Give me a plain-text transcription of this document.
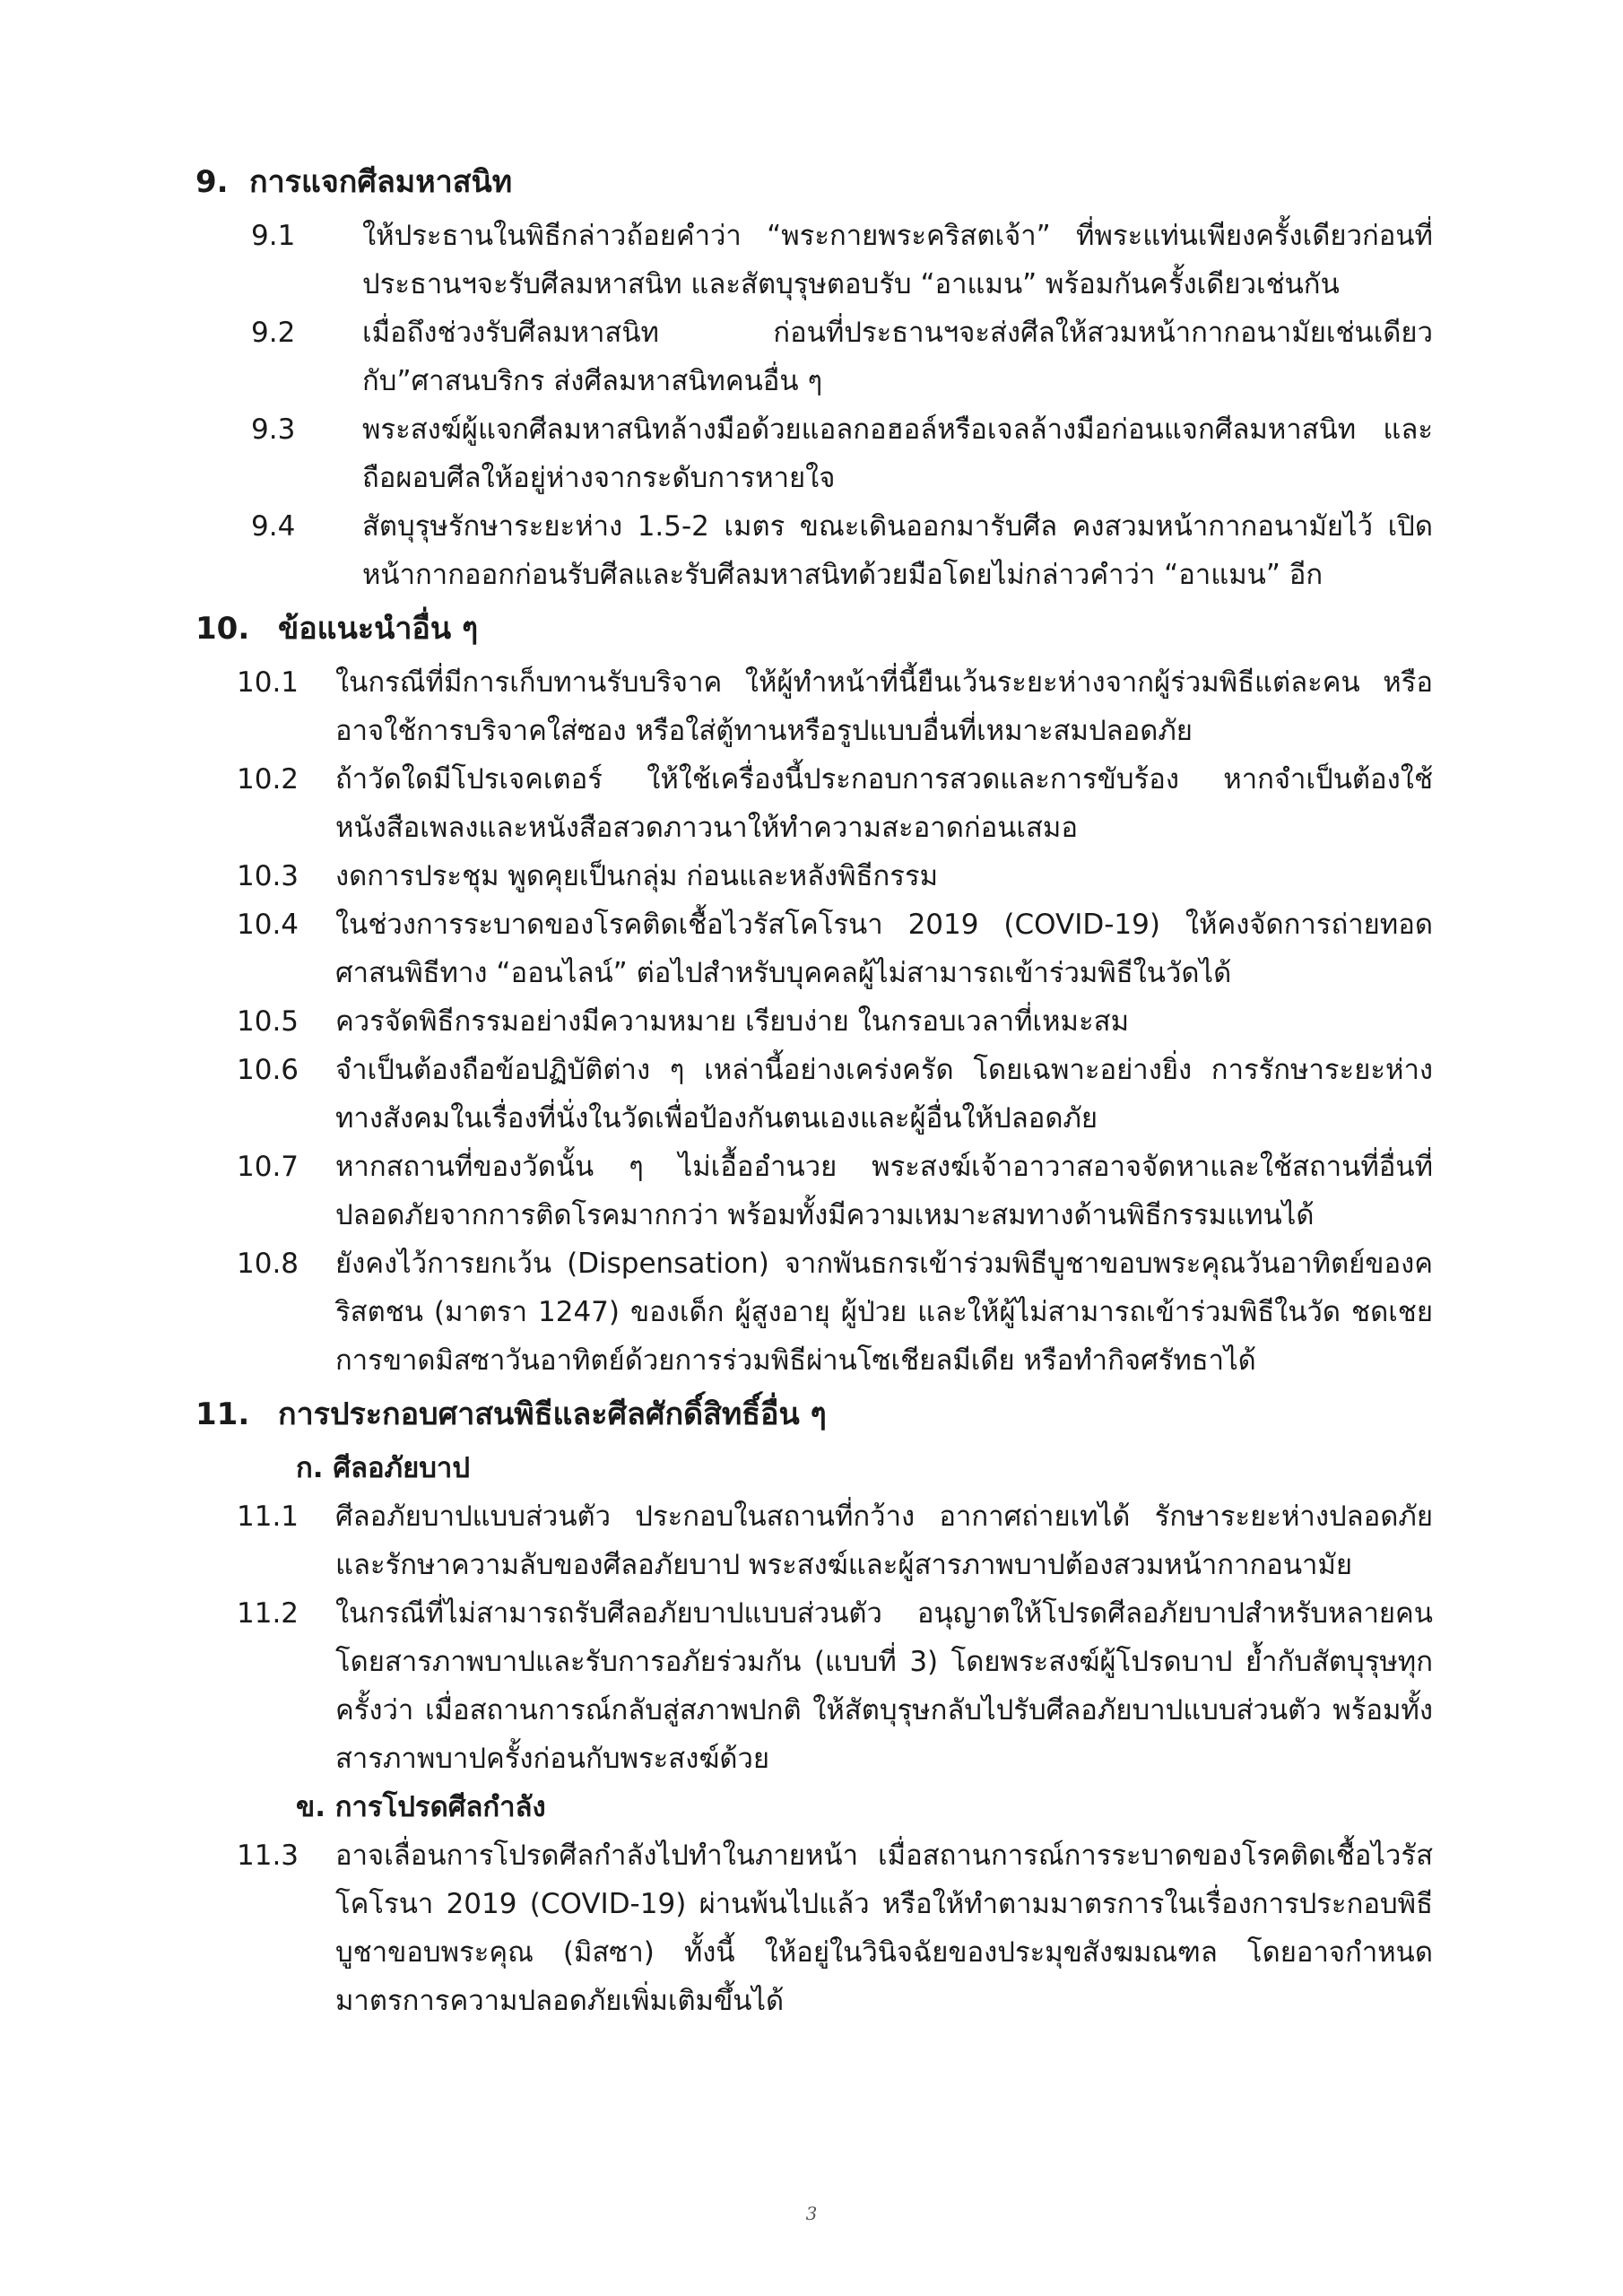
9. การแจกศีลมหาสนิท
9.1	ให้ประธานในพิธีกล่าวถ้อยคำว่า “พระกายพระคริสตเจ้า” ที่พระแท่นเพียงครั้งเดียวก่อนที่ประธานฯจะรับศีลมหาสนิท และสัตบุรุษตอบรับ “อาแมน” พร้อมกันครั้งเดียวเช่นกัน
9.2	เมื่อถึงช่วงรับศีลมหาสนิท ก่อนที่ประธานฯจะส่งศีลให้สวมหน้ากากอนามัยเช่นเดียวกับ”ศาสนบริกร ส่งศีลมหาสนิทคนอื่น ๆ
9.3	พระสงฆ์ผู้แจกศีลมหาสนิทล้างมือด้วยแอลกอฮอล์หรือเจลล้างมือก่อนแจกศีลมหาสนิท และถือผอบศีลให้อยู่ห่างจากระดับการหายใจ
9.4	สัตบุรุษรักษาระยะห่าง 1.5-2 เมตร ขณะเดินออกมารับศีล คงสวมหน้ากากอนามัยไว้ เปิดหน้ากากออกก่อนรับศีลและรับศีลมหาสนิทด้วยมือโดยไม่กล่าวคำว่า “อาแมน” อีก
10. ข้อแนะนำอื่น ๆ
10.1	ในกรณีที่มีการเก็บทานรับบริจาค ให้ผู้ทำหน้าที่นี้ยืนเว้นระยะห่างจากผู้ร่วมพิธีแต่ละคน หรืออาจใช้การบริจาคใส่ซอง หรือใส่ตู้ทานหรือรูปแบบอื่นที่เหมาะสมปลอดภัย
10.2	ถ้าวัดใดมีโปรเจคเตอร์ ให้ใช้เครื่องนี้ประกอบการสวดและการขับร้อง หากจำเป็นต้องใช้หนังสือเพลงและหนังสือสวดภาวนาให้ทำความสะอาดก่อนเสมอ
10.3	งดการประชุม พูดคุยเป็นกลุ่ม ก่อนและหลังพิธีกรรม
10.4	ในช่วงการระบาดของโรคติดเชื้อไวรัสโคโรนา 2019 (COVID-19) ให้คงจัดการถ่ายทอดศาสนพิธีทาง “ออนไลน์” ต่อไปสำหรับบุคคลผู้ไม่สามารถเข้าร่วมพิธีในวัดได้
10.5	ควรจัดพิธีกรรมอย่างมีความหมาย เรียบง่าย ในกรอบเวลาที่เหมะสม
10.6	จำเป็นต้องถือข้อปฏิบัติต่าง ๆ เหล่านี้อย่างเคร่งครัด โดยเฉพาะอย่างยิ่ง การรักษาระยะห่างทางสังคมในเรื่องที่นั่งในวัดเพื่อป้องกันตนเองและผู้อื่นให้ปลอดภัย
10.7	หากสถานที่ของวัดนั้น ๆ ไม่เอื้ออำนวย พระสงฆ์เจ้าอาวาสอาจจัดหาและใช้สถานที่อื่นที่ปลอดภัยจากการติดโรคมากกว่า พร้อมทั้งมีความเหมาะสมทางด้านพิธีกรรมแทนได้
10.8	ยังคงไว้การยกเว้น (Dispensation) จากพันธกรเข้าร่วมพิธีบูชาขอบพระคุณวันอาทิตย์ของคริสตชน (มาตรา 1247) ของเด็ก ผู้สูงอายุ ผู้ป่วย และให้ผู้ไม่สามารถเข้าร่วมพิธีในวัด ชดเชยการขาดมิสซาวันอาทิตย์ด้วยการร่วมพิธีผ่านโซเชียลมีเดีย หรือทำกิจศรัทธาได้
11. การประกอบศาสนพิธีและศีลศักดิ์สิทธิ์อื่น ๆ
ก. ศีลอภัยบาป
11.1	ศีลอภัยบาปแบบส่วนตัว ประกอบในสถานที่กว้าง อากาศถ่ายเทได้ รักษาระยะห่างปลอดภัย และรักษาความลับของศีลอภัยบาป พระสงฆ์และผู้สารภาพบาปต้องสวมหน้ากากอนามัย
11.2	ในกรณีที่ไม่สามารถรับศีลอภัยบาปแบบส่วนตัว อนุญาตให้โปรดศีลอภัยบาปสำหรับหลายคน โดยสารภาพบาปและรับการอภัยร่วมกัน (แบบที่ 3) โดยพระสงฆ์ผู้โปรดบาป ย้ำกับสัตบุรุษทุกครั้งว่า เมื่อสถานการณ์กลับสู่สภาพปกติ ให้สัตบุรุษกลับไปรับศีลอภัยบาปแบบส่วนตัว พร้อมทั้งสารภาพบาปครั้งก่อนกับพระสงฆ์ด้วย
ข. การโปรดศีลกำลัง
11.3	อาจเลื่อนการโปรดศีลกำลังไปทำในภายหน้า เมื่อสถานการณ์การระบาดของโรคติดเชื้อไวรัสโคโรนา 2019 (COVID-19) ผ่านพ้นไปแล้ว หรือให้ทำตามมาตรการในเรื่องการประกอบพิธีบูชาขอบพระคุณ (มิสซา) ทั้งนี้ ให้อยู่ในวินิจฉัยของประมุขสังฆมณฑล โดยอาจกำหนดมาตรการความปลอดภัยเพิ่มเติมขึ้นได้
3
